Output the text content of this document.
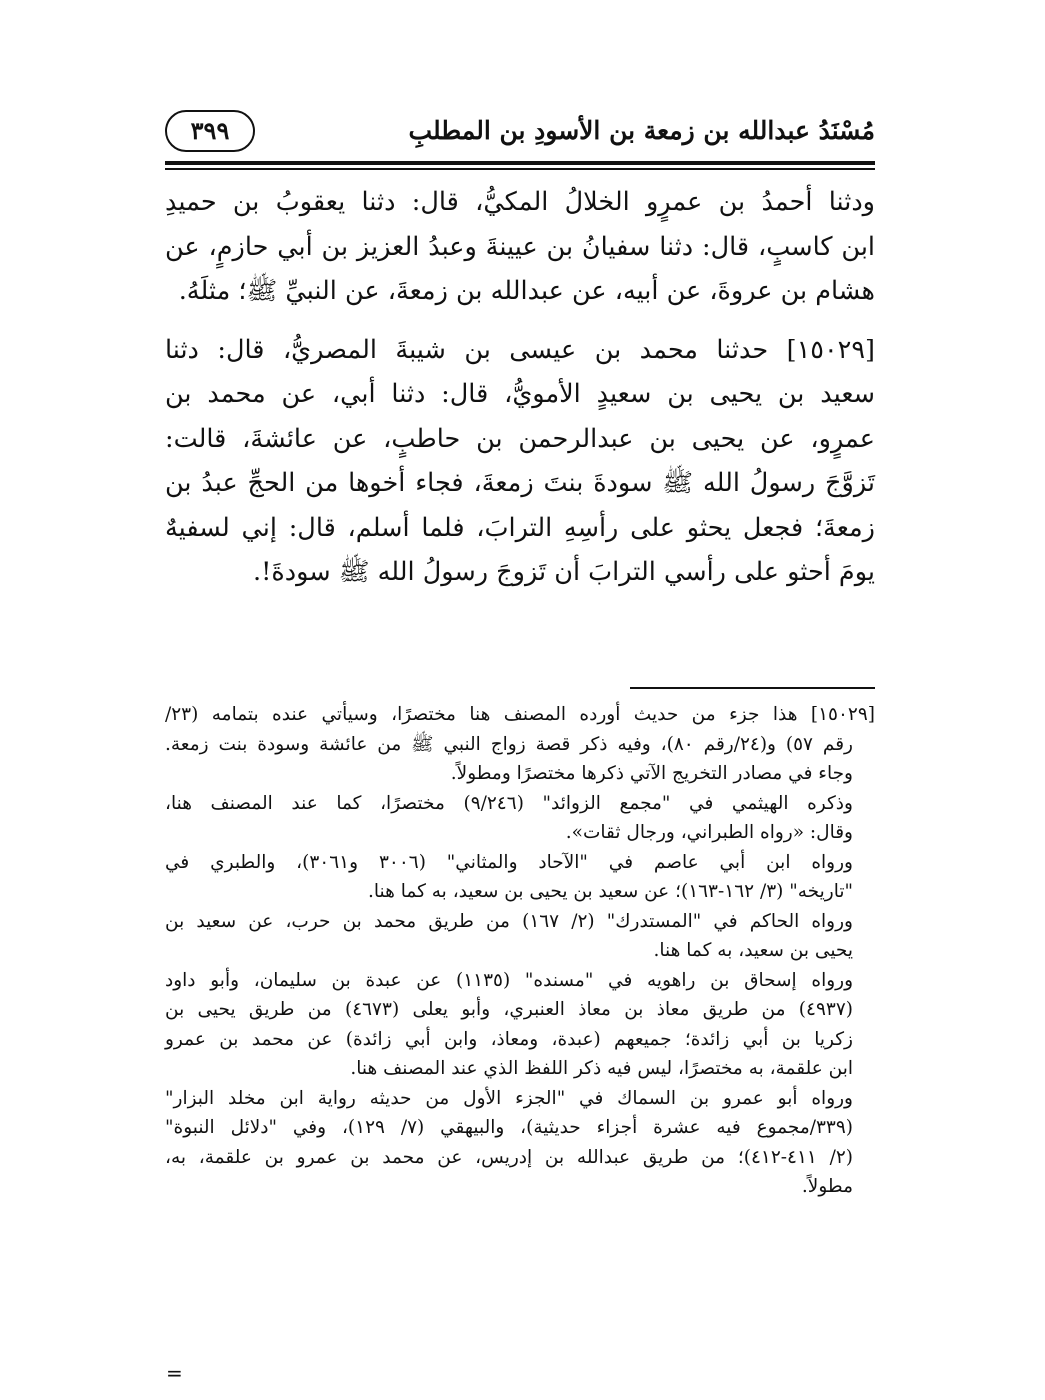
مُسْنَدُ عبدالله بن زمعة بن الأسودِ بن المطلبِ
٣٩٩
ودثنا أحمدُ بن عمرٍو الخلالُ المكيُّ، قال: دثنا يعقوبُ بن حميدِ
ابن كاسبٍ، قال: دثنا سفيانُ بن عيينةَ وعبدُ العزيز بن أبي حازمٍ، عن
هشام بن عروةَ، عن أبيه، عن عبدالله بن زمعةَ، عن النبيِّ ﷺ؛ مثلَهُ.
[١٥٠٢٩] حدثنا محمد بن عيسى بن شيبةَ المصريُّ، قال: دثنا
سعيد بن يحيى بن سعيدٍ الأمويُّ، قال: دثنا أبي، عن محمد بن
عمرٍو، عن يحيى بن عبدالرحمن بن حاطبٍ، عن عائشةَ، قالت:
تَزوَّجَ رسولُ الله ﷺ سودةَ بنتَ زمعةَ، فجاء أخوها من الحجِّ عبدُ بن
زمعةَ؛ فجعل يحثو على رأسِهِ الترابَ، فلما أسلم، قال: إني لسفيهٌ
يومَ أحثو على رأسي الترابَ أن تَزوجَ رسولُ الله ﷺ سودةَ!.
[١٥٠٢٩] هذا جزء من حديث أورده المصنف هنا مختصرًا، وسيأتي عنده بتمامه (٢٣/
رقم ٥٧) و(٢٤/رقم ٨٠)، وفيه ذكر قصة زواج النبي ﷺ من عائشة وسودة بنت زمعة.
وجاء في مصادر التخريج الآتي ذكرها مختصرًا ومطولاً.
وذكره الهيثمي في "مجمع الزوائد" (٩/٢٤٦) مختصرًا، كما عند المصنف هنا،
وقال: «رواه الطبراني، ورجال ثقات».
ورواه ابن أبي عاصم في "الآحاد والمثاني" (٣٠٠٦ و٣٠٦١)، والطبري في
"تاريخه" (٣/ ١٦٢-١٦٣)؛ عن سعيد بن يحيى بن سعيد، به كما هنا.
ورواه الحاكم في "المستدرك" (٢/ ١٦٧) من طريق محمد بن حرب، عن سعيد بن
يحيى بن سعيد، به كما هنا.
ورواه إسحاق بن راهويه في "مسنده" (١١٣٥) عن عبدة بن سليمان، وأبو داود
(٤٩٣٧) من طريق معاذ بن معاذ العنبري، وأبو يعلى (٤٦٧٣) من طريق يحيى بن
زكريا بن أبي زائدة؛ جميعهم (عبدة، ومعاذ، وابن أبي زائدة) عن محمد بن عمرو
ابن علقمة، به مختصرًا، ليس فيه ذكر اللفظ الذي عند المصنف هنا.
ورواه أبو عمرو بن السماك في "الجزء الأول من حديثه رواية ابن مخلد البزار"
(٣٣٩/مجموع فيه عشرة أجزاء حديثية)، والبيهقي (٧/ ١٢٩)، وفي "دلائل النبوة"
(٢/ ٤١١-٤١٢)؛ من طريق عبدالله بن إدريس، عن محمد بن عمرو بن علقمة، به،
مطولاً.
=
